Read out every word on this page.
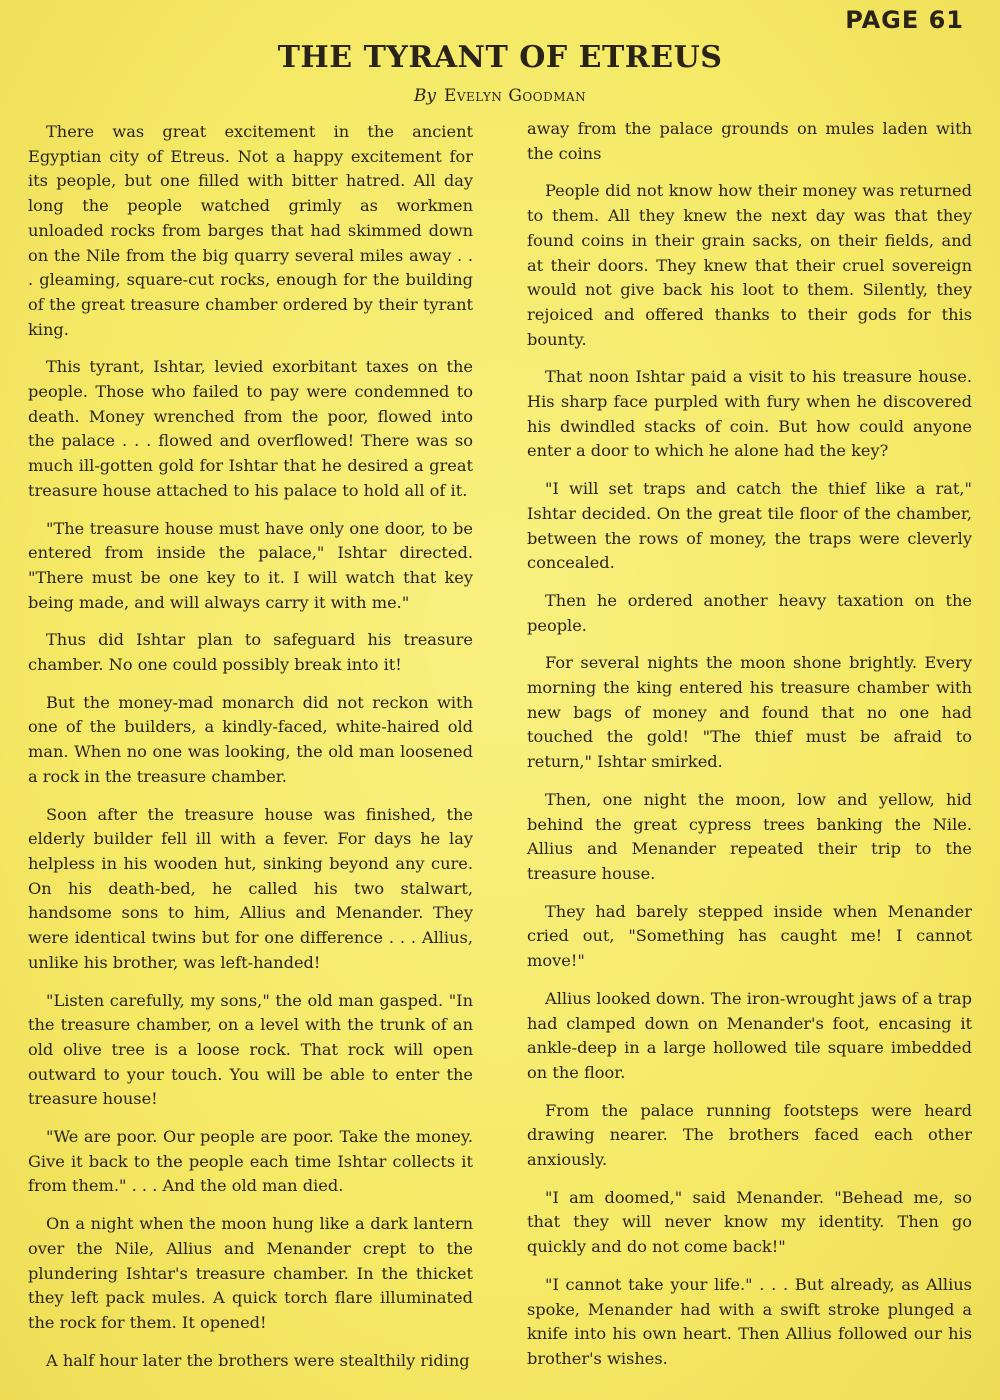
PAGE 61
THE TYRANT OF ETREUS
By Evelyn Goodman

There was great excitement in the ancient Egyptian city of Etreus. Not a happy excitement for its people, but one filled with bitter hatred. All day long the people watched grimly as workmen unloaded rocks from barges that had skimmed down on the Nile from the big quarry several miles away . . . gleaming, square-cut rocks, enough for the building of the great treasure chamber ordered by their tyrant king.

This tyrant, Ishtar, levied exorbitant taxes on the people. Those who failed to pay were condemned to death. Money wrenched from the poor, flowed into the palace . . . flowed and overflowed! There was so much ill-gotten gold for Ishtar that he desired a great treasure house attached to his palace to hold all of it.

"The treasure house must have only one door, to be entered from inside the palace," Ishtar directed. "There must be one key to it. I will watch that key being made, and will always carry it with me."

Thus did Ishtar plan to safeguard his treasure chamber. No one could possibly break into it!

But the money-mad monarch did not reckon with one of the builders, a kindly-faced, white-haired old man. When no one was looking, the old man loosened a rock in the treasure chamber.

Soon after the treasure house was finished, the elderly builder fell ill with a fever. For days he lay helpless in his wooden hut, sinking beyond any cure. On his death-bed, he called his two stalwart, handsome sons to him, Allius and Menander. They were identical twins but for one difference . . . Allius, unlike his brother, was left-handed!

"Listen carefully, my sons," the old man gasped. "In the treasure chamber, on a level with the trunk of an old olive tree is a loose rock. That rock will open outward to your touch. You will be able to enter the treasure house!

"We are poor. Our people are poor. Take the money. Give it back to the people each time Ishtar collects it from them." . . . And the old man died.

On a night when the moon hung like a dark lantern over the Nile, Allius and Menander crept to the plundering Ishtar's treasure chamber. In the thicket they left pack mules. A quick torch flare illuminated the rock for them. It opened!

A half hour later the brothers were stealthily riding

away from the palace grounds on mules laden with the coins

People did not know how their money was returned to them. All they knew the next day was that they found coins in their grain sacks, on their fields, and at their doors. They knew that their cruel sovereign would not give back his loot to them. Silently, they rejoiced and offered thanks to their gods for this bounty.

That noon Ishtar paid a visit to his treasure house. His sharp face purpled with fury when he discovered his dwindled stacks of coin. But how could anyone enter a door to which he alone had the key?

"I will set traps and catch the thief like a rat," Ishtar decided. On the great tile floor of the chamber, between the rows of money, the traps were cleverly concealed.

Then he ordered another heavy taxation on the people.

For several nights the moon shone brightly. Every morning the king entered his treasure chamber with new bags of money and found that no one had touched the gold! "The thief must be afraid to return," Ishtar smirked.

Then, one night the moon, low and yellow, hid behind the great cypress trees banking the Nile. Allius and Menander repeated their trip to the treasure house.

They had barely stepped inside when Menander cried out, "Something has caught me! I cannot move!"

Allius looked down. The iron-wrought jaws of a trap had clamped down on Menander's foot, encasing it ankle-deep in a large hollowed tile square imbedded on the floor.

From the palace running footsteps were heard drawing nearer. The brothers faced each other anxiously.

"I am doomed," said Menander. "Behead me, so that they will never know my identity. Then go quickly and do not come back!"

"I cannot take your life." . . . But already, as Allius spoke, Menander had with a swift stroke plunged a knife into his own heart. Then Allius followed our his brother's wishes.
